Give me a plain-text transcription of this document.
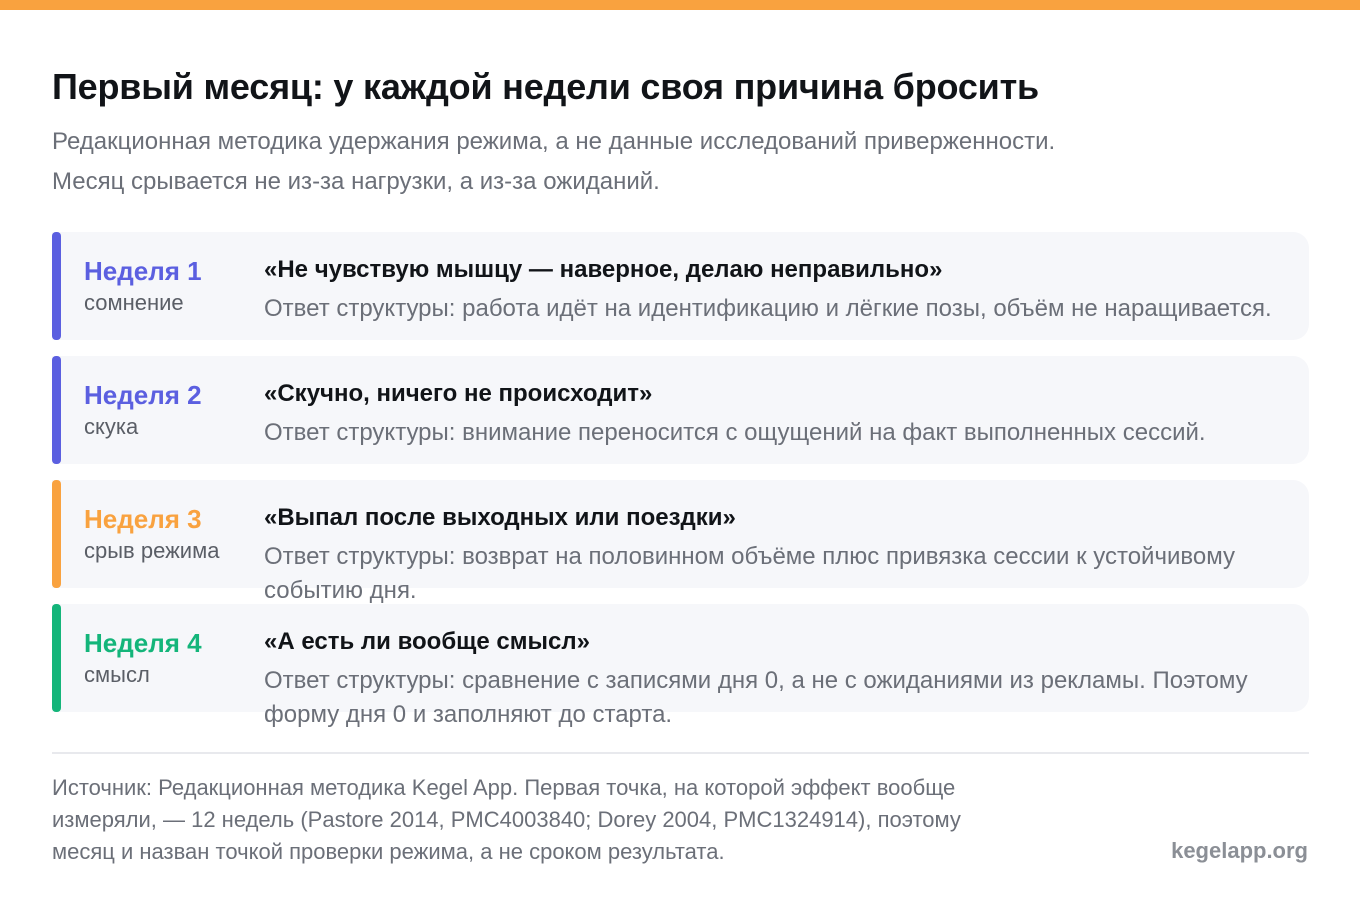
Первый месяц: у каждой недели своя причина бросить
Редакционная методика удержания режима, а не данные исследований приверженности.
Месяц срывается не из-за нагрузки, а из-за ожиданий.
Неделя 1
сомнение
«Не чувствую мышцу — наверное, делаю неправильно»
Ответ структуры: работа идёт на идентификацию и лёгкие позы, объём не наращивается.
Неделя 2
скука
«Скучно, ничего не происходит»
Ответ структуры: внимание переносится с ощущений на факт выполненных сессий.
Неделя 3
срыв режима
«Выпал после выходных или поездки»
Ответ структуры: возврат на половинном объёме плюс привязка сессии к устойчивому событию дня.
Неделя 4
смысл
«А есть ли вообще смысл»
Ответ структуры: сравнение с записями дня 0, а не с ожиданиями из рекламы. Поэтому форму дня 0 и заполняют до старта.
Источник: Редакционная методика Kegel App. Первая точка, на которой эффект вообще
измеряли, — 12 недель (Pastore 2014, PMC4003840; Dorey 2004, PMC1324914), поэтому
месяц и назван точкой проверки режима, а не сроком результата.	kegelapp.org
